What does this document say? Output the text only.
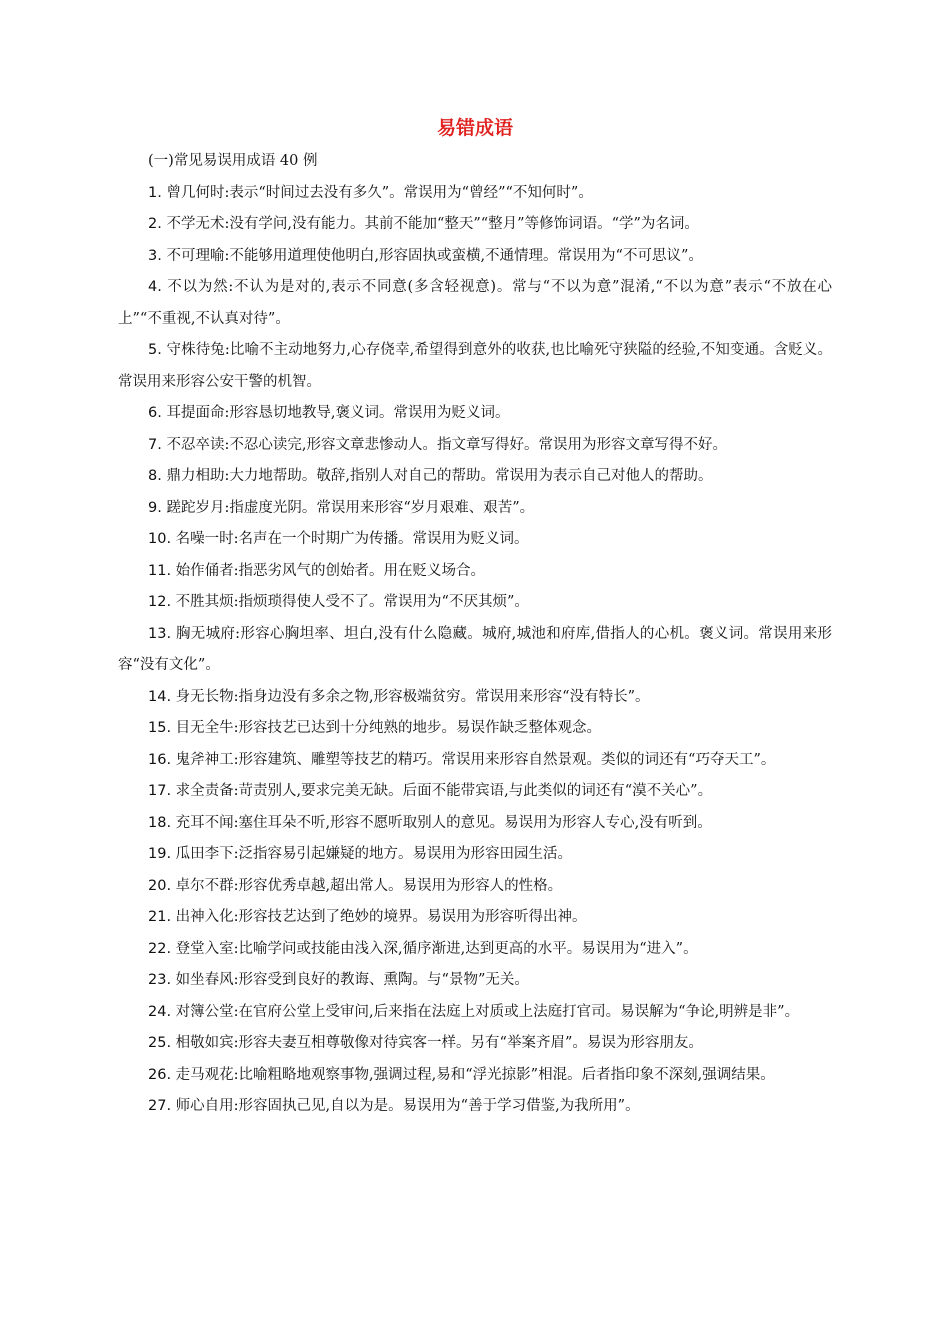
易错成语

(一)常见易误用成语 40 例

1. 曾几何时:表示“时间过去没有多久”。常误用为“曾经”“不知何时”。
2. 不学无术:没有学问,没有能力。其前不能加“整天”“整月”等修饰词语。“学”为名词。
3. 不可理喻:不能够用道理使他明白,形容固执或蛮横,不通情理。常误用为“不可思议”。
4. 不以为然:不认为是对的,表示不同意(多含轻视意)。常与“不以为意”混淆,“不以为意”表示“不放在心上”“不重视,不认真对待”。
5. 守株待兔:比喻不主动地努力,心存侥幸,希望得到意外的收获,也比喻死守狭隘的经验,不知变通。含贬义。常误用来形容公安干警的机智。
6. 耳提面命:形容恳切地教导,褒义词。常误用为贬义词。
7. 不忍卒读:不忍心读完,形容文章悲惨动人。指文章写得好。常误用为形容文章写得不好。
8. 鼎力相助:大力地帮助。敬辞,指别人对自己的帮助。常误用为表示自己对他人的帮助。
9. 蹉跎岁月:指虚度光阴。常误用来形容“岁月艰难、艰苦”。
10. 名噪一时:名声在一个时期广为传播。常误用为贬义词。
11. 始作俑者:指恶劣风气的创始者。用在贬义场合。
12. 不胜其烦:指烦琐得使人受不了。常误用为“不厌其烦”。
13. 胸无城府:形容心胸坦率、坦白,没有什么隐藏。城府,城池和府库,借指人的心机。褒义词。常误用来形容“没有文化”。
14. 身无长物:指身边没有多余之物,形容极端贫穷。常误用来形容“没有特长”。
15. 目无全牛:形容技艺已达到十分纯熟的地步。易误作缺乏整体观念。
16. 鬼斧神工:形容建筑、雕塑等技艺的精巧。常误用来形容自然景观。类似的词还有“巧夺天工”。
17. 求全责备:苛责别人,要求完美无缺。后面不能带宾语,与此类似的词还有“漠不关心”。
18. 充耳不闻:塞住耳朵不听,形容不愿听取别人的意见。易误用为形容人专心,没有听到。
19. 瓜田李下:泛指容易引起嫌疑的地方。易误用为形容田园生活。
20. 卓尔不群:形容优秀卓越,超出常人。易误用为形容人的性格。
21. 出神入化:形容技艺达到了绝妙的境界。易误用为形容听得出神。
22. 登堂入室:比喻学问或技能由浅入深,循序渐进,达到更高的水平。易误用为“进入”。
23. 如坐春风:形容受到良好的教诲、熏陶。与“景物”无关。
24. 对簿公堂:在官府公堂上受审问,后来指在法庭上对质或上法庭打官司。易误解为“争论,明辨是非”。
25. 相敬如宾:形容夫妻互相尊敬像对待宾客一样。另有“举案齐眉”。易误为形容朋友。
26. 走马观花:比喻粗略地观察事物,强调过程,易和“浮光掠影”相混。后者指印象不深刻,强调结果。
27. 师心自用:形容固执己见,自以为是。易误用为“善于学习借鉴,为我所用”。
